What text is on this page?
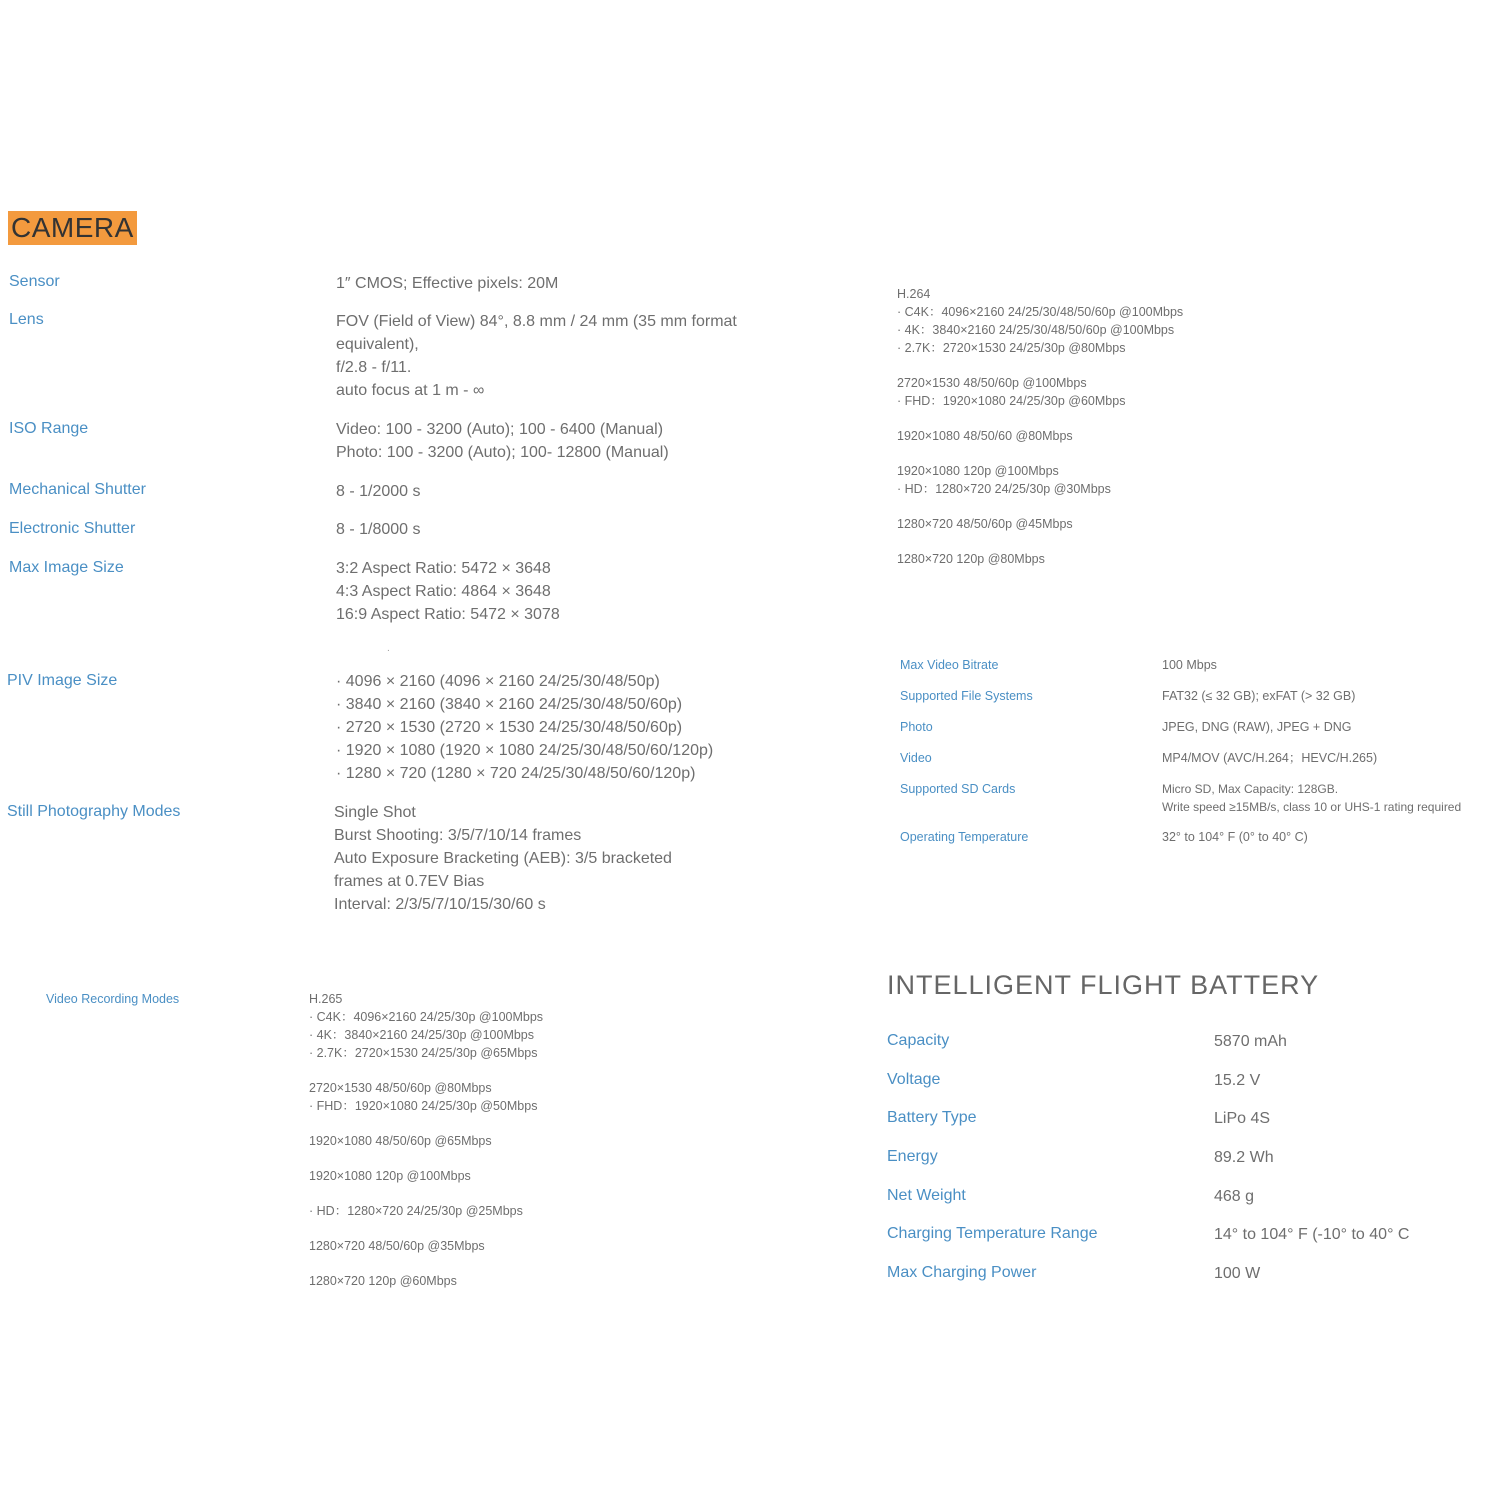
CAMERA
Sensor	1″ CMOS; Effective pixels: 20M
Lens	FOV (Field of View) 84°, 8.8 mm / 24 mm (35 mm format
equivalent),
f/2.8 - f/11.
auto focus at 1 m - ∞
ISO Range	Video: 100 - 3200 (Auto); 100 - 6400 (Manual)
Photo: 100 - 3200 (Auto); 100- 12800 (Manual)
Mechanical Shutter	8 - 1/2000 s
Electronic Shutter	8 - 1/8000 s
Max Image Size	3:2 Aspect Ratio: 5472 × 3648
4:3 Aspect Ratio: 4864 × 3648
16:9 Aspect Ratio: 5472 × 3078
.
PIV Image Size	· 4096 × 2160 (4096 × 2160 24/25/30/48/50p)
· 3840 × 2160 (3840 × 2160 24/25/30/48/50/60p)
· 2720 × 1530 (2720 × 1530 24/25/30/48/50/60p)
· 1920 × 1080 (1920 × 1080 24/25/30/48/50/60/120p)
· 1280 × 720 (1280 × 720 24/25/30/48/50/60/120p)
Still Photography Modes	Single Shot
Burst Shooting: 3/5/7/10/14 frames
Auto Exposure Bracketing (AEB): 3/5 bracketed
frames at 0.7EV Bias
Interval: 2/3/5/7/10/15/30/60 s
Video Recording Modes	H.265
· C4K：4096×2160 24/25/30p @100Mbps
· 4K：3840×2160 24/25/30p @100Mbps
· 2.7K：2720×1530 24/25/30p @65Mbps
2720×1530 48/50/60p @80Mbps
· FHD：1920×1080 24/25/30p @50Mbps
1920×1080 48/50/60p @65Mbps
1920×1080 120p @100Mbps
· HD：1280×720 24/25/30p @25Mbps
1280×720 48/50/60p @35Mbps
1280×720 120p @60Mbps
H.264
· C4K：4096×2160 24/25/30/48/50/60p @100Mbps
· 4K：3840×2160 24/25/30/48/50/60p @100Mbps
· 2.7K：2720×1530 24/25/30p @80Mbps
2720×1530 48/50/60p @100Mbps
· FHD：1920×1080 24/25/30p @60Mbps
1920×1080 48/50/60 @80Mbps
1920×1080 120p @100Mbps
· HD：1280×720 24/25/30p @30Mbps
1280×720 48/50/60p @45Mbps
1280×720 120p @80Mbps
Max Video Bitrate	100 Mbps
Supported File Systems	FAT32 (≤ 32 GB); exFAT (> 32 GB)
Photo	JPEG, DNG (RAW), JPEG + DNG
Video	MP4/MOV (AVC/H.264；HEVC/H.265)
Supported SD Cards	Micro SD, Max Capacity: 128GB.
Write speed ≥15MB/s, class 10 or UHS-1 rating required
Operating Temperature	32° to 104° F (0° to 40° C)
INTELLIGENT FLIGHT BATTERY
Capacity	5870 mAh
Voltage	15.2 V
Battery Type	LiPo 4S
Energy	89.2 Wh
Net Weight	468 g
Charging Temperature Range	14° to 104° F (-10° to 40° C
Max Charging Power	100 W
